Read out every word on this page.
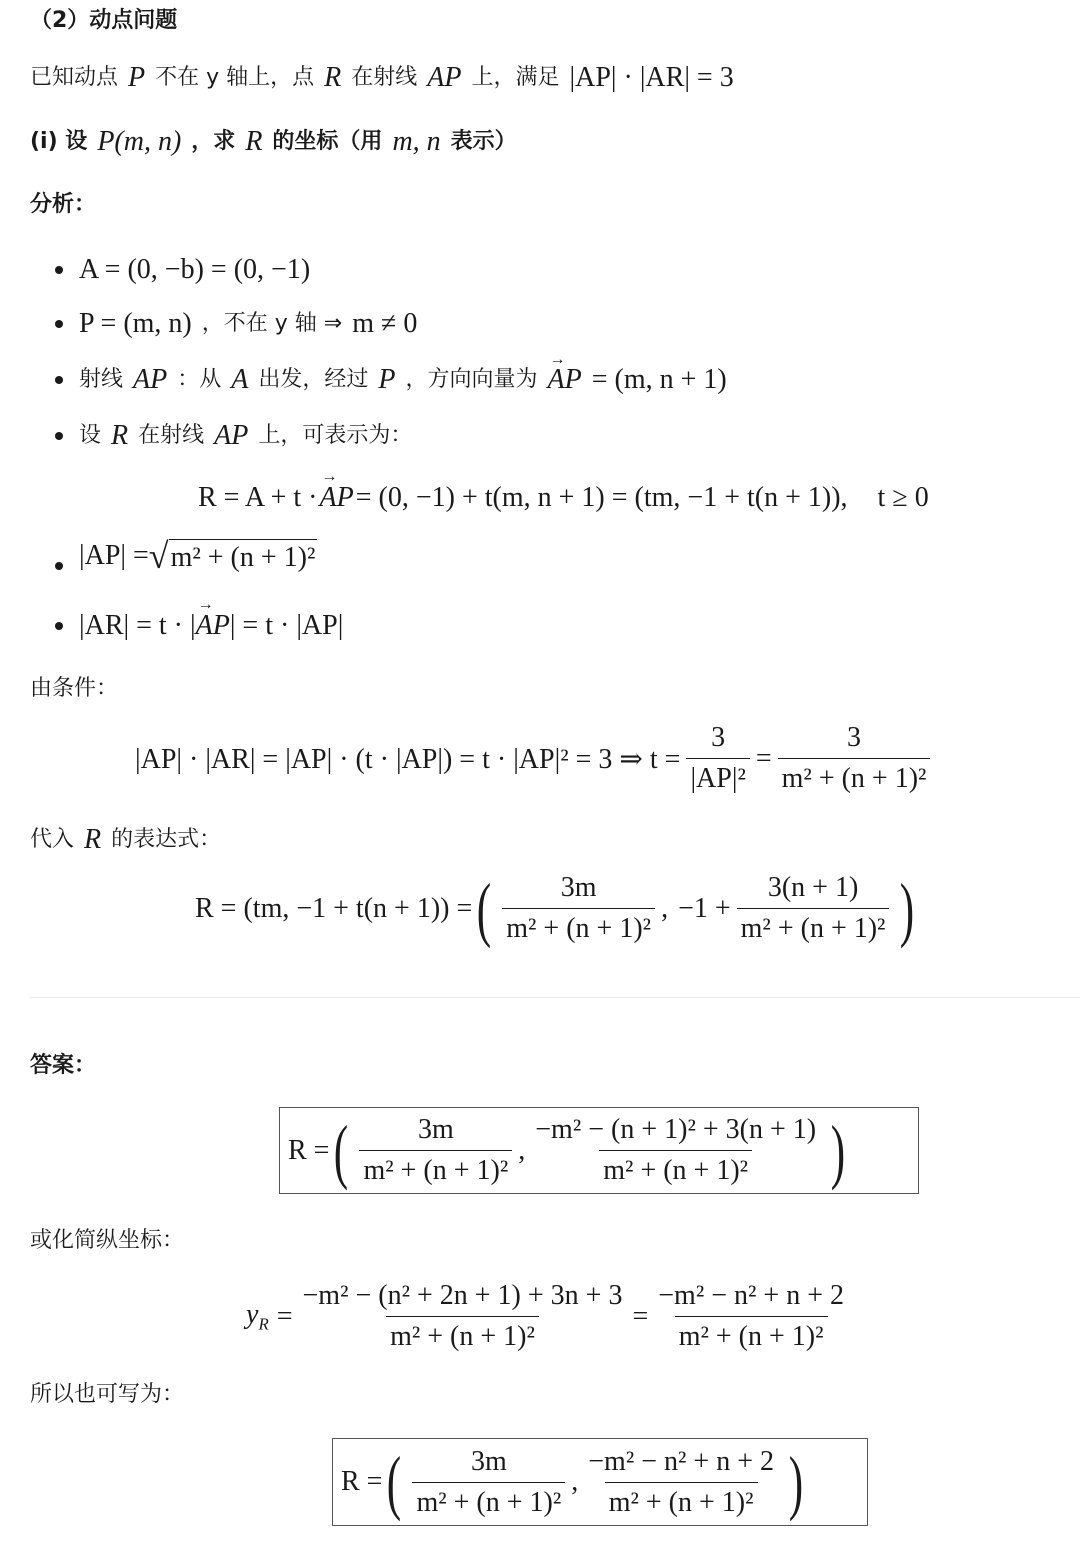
（2）动点问题
已知动点 P 不在 y 轴上，点 R 在射线 AP 上，满足 |AP| · |AR| = 3
(i) 设 P(m, n) ，求 R 的坐标（用 m, n 表示）
分析：
A = (0, −b) = (0, −1)
P = (m, n) ，不在 y 轴 ⇒ m ≠ 0
射线 AP ：从 A 出发，经过 P ，方向向量为 → AP = (m, n + 1)
设 R 在射线 AP 上，可表示为：
R = A + t · → AP = (0, −1) + t(m, n + 1) = (tm, −1 + t(n + 1)), t ≥ 0
|AP| = √ m² + (n + 1)²
|AR| = t · | → AP | = t · |AP|
由条件：
|AP| · |AR| = |AP| · (t · |AP|) = t · |AP|² = 3 ⇒ $t = \frac{3}{\text{|AP|²}} = \frac{3}{\text{m² + (n + 1)²}}$
代入 R 的表达式：
R = (tm, −1 + t(n + 1)) = ( $\frac{3m}{\text{m² + (n + 1)²}}$ , $-1 + \frac{3(n + 1)}{\text{m² + (n + 1)²}}$ )
答案：
R = ( $\frac{3m}{\text{m² + (n + 1)²}}$ , $\frac{\text{−m² − (n + 1)² + 3(n + 1)}}{\text{m² + (n + 1)²}}$ )
或化简纵坐标：
$y_R = \frac{\text{−m² − (n² + 2n + 1) + 3n + 3}}{\text{m² + (n + 1)²}} = \frac{\text{−m² − n² + n + 2}}{\text{m² + (n + 1)²}}$
所以也可写为：
R = ( $\frac{3m}{\text{m² + (n + 1)²}}$ , $\frac{\text{−m² − n² + n + 2}}{\text{m² + (n + 1)²}}$ )
